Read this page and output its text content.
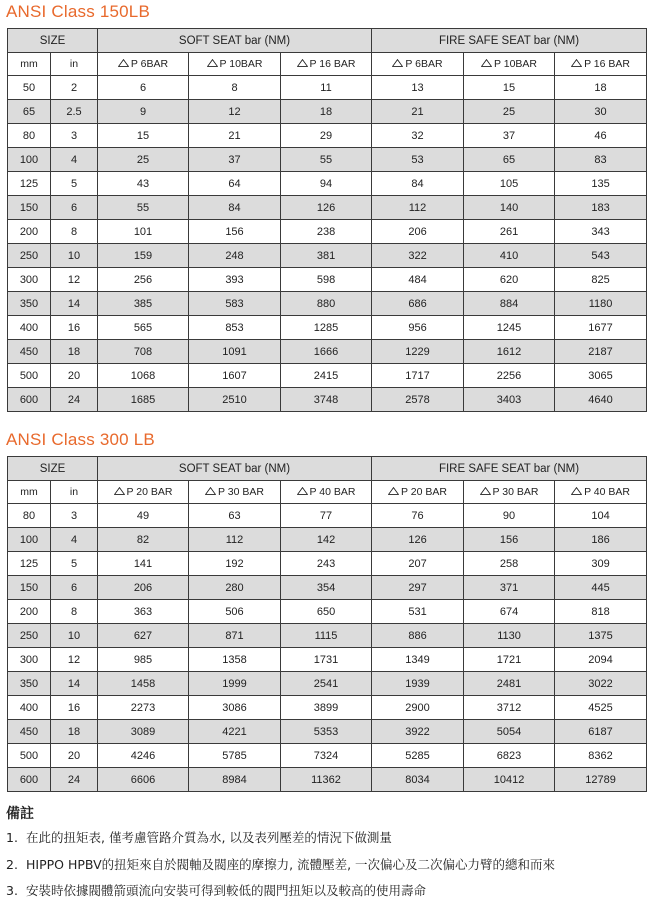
ANSI Class 150LB
SIZE		SOFT SEAT bar (NM)			FIRE SAFE SEAT bar (NM)		
mm	in	P 6BAR	P 10BAR	P 16 BAR	P 6BAR	P 10BAR	P 16 BAR
50	2	6	8	11	13	15	18
65	2.5	9	12	18	21	25	30
80	3	15	21	29	32	37	46
100	4	25	37	55	53	65	83
125	5	43	64	94	84	105	135
150	6	55	84	126	112	140	183
200	8	101	156	238	206	261	343
250	10	159	248	381	322	410	543
300	12	256	393	598	484	620	825
350	14	385	583	880	686	884	1180
400	16	565	853	1285	956	1245	1677
450	18	708	1091	1666	1229	1612	2187
500	20	1068	1607	2415	1717	2256	3065
600	24	1685	2510	3748	2578	3403	4640
ANSI Class 300 LB
SIZE		SOFT SEAT bar (NM)			FIRE SAFE SEAT bar (NM)		
mm	in	P 20 BAR	P 30 BAR	P 40 BAR	P 20 BAR	P 30 BAR	P 40 BAR
80	3	49	63	77	76	90	104
100	4	82	112	142	126	156	186
125	5	141	192	243	207	258	309
150	6	206	280	354	297	371	445
200	8	363	506	650	531	674	818
250	10	627	871	1115	886	1130	1375
300	12	985	1358	1731	1349	1721	2094
350	14	1458	1999	2541	1939	2481	3022
400	16	2273	3086	3899	2900	3712	4525
450	18	3089	4221	5353	3922	5054	6187
500	20	4246	5785	7324	5285	6823	8362
600	24	6606	8984	11362	8034	10412	12789
備註

1. 在此的扭矩表, 僅考慮管路介質為水, 以及表列壓差的情況下做測量

2. HIPPO HPBV的扭矩來自於閥軸及閥座的摩擦力, 流體壓差, 一次偏心及二次偏心力臂的總和而來

3. 安裝時依據閥體箭頭流向安裝可得到較低的閥門扭矩以及較高的使用壽命
